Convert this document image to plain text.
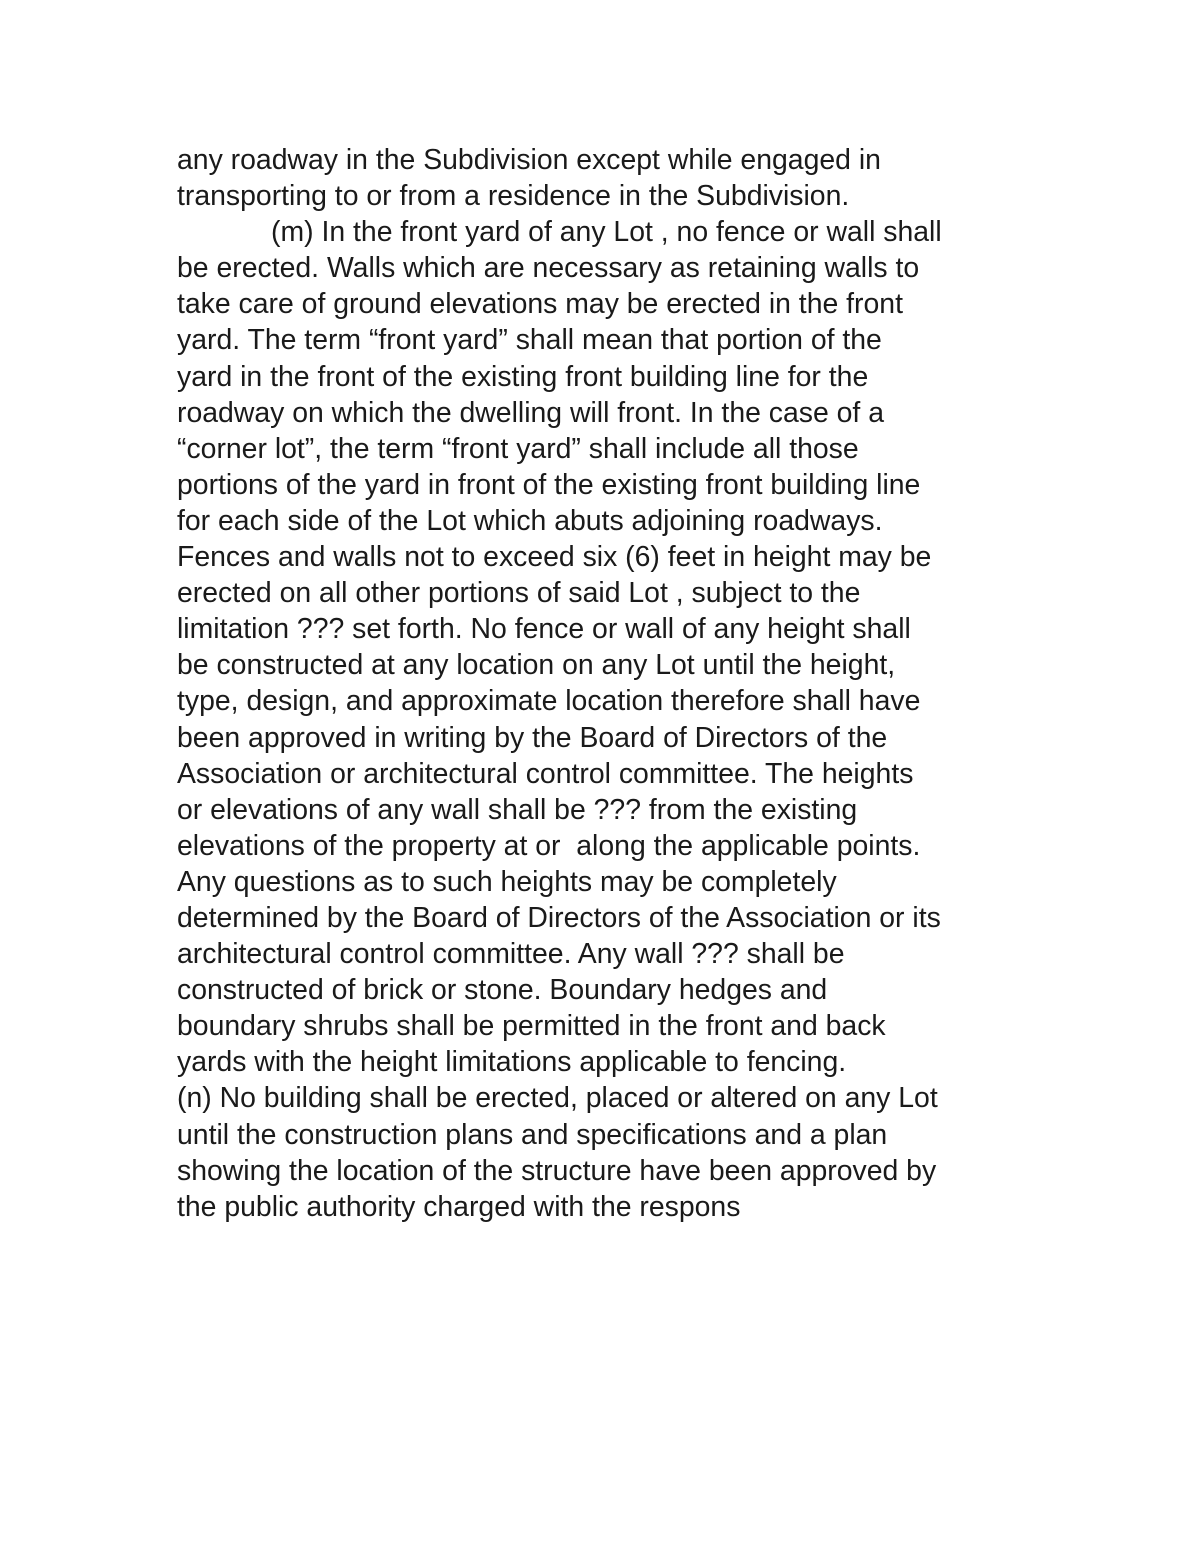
any roadway in the Subdivision except while engaged in
transporting to or from a residence in the Subdivision.
(m) In the front yard of any Lot , no fence or wall shall
be erected. Walls which are necessary as retaining walls to
take care of ground elevations may be erected in the front
yard. The term “front yard” shall mean that portion of the
yard in the front of the existing front building line for the
roadway on which the dwelling will front. In the case of a
“corner lot”, the term “front yard” shall include all those
portions of the yard in front of the existing front building line
for each side of the Lot which abuts adjoining roadways.
Fences and walls not to exceed six (6) feet in height may be
erected on all other portions of said Lot , subject to the
limitation ??? set forth. No fence or wall of any height shall
be constructed at any location on any Lot until the height,
type, design, and approximate location therefore shall have
been approved in writing by the Board of Directors of the
Association or architectural control committee. The heights
or elevations of any wall shall be ??? from the existing
elevations of the property at or  along the applicable points.
Any questions as to such heights may be completely
determined by the Board of Directors of the Association or its
architectural control committee. Any wall ??? shall be
constructed of brick or stone. Boundary hedges and
boundary shrubs shall be permitted in the front and back
yards with the height limitations applicable to fencing.
(n) No building shall be erected, placed or altered on any Lot
until the construction plans and specifications and a plan
showing the location of the structure have been approved by
the public authority charged with the respons
